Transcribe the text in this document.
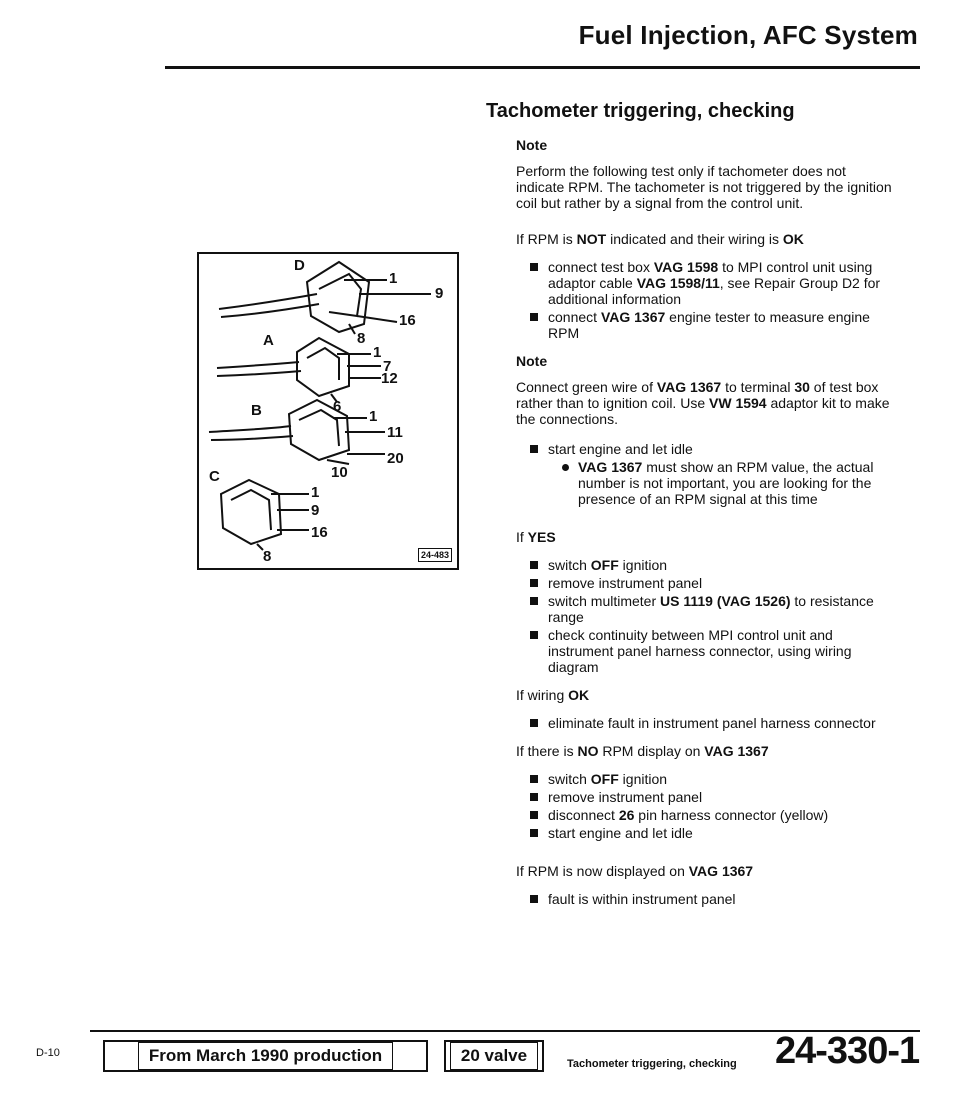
Fuel Injection, AFC System
D
1
9
8
16
A
1
7
12
6
B	1
11
20
10
C
1
9
16
8	24-483
Tachometer triggering, checking
Note
Perform the following test only if tachometer does not indicate RPM. The tachometer is not triggered by the ignition coil but rather by a signal from the control unit.
If RPM is NOT indicated and their wiring is OK
connect test box VAG 1598 to MPI control unit using adaptor cable VAG 1598/11, see Repair Group D2 for additional information
connect VAG 1367 engine tester to measure engine RPM
Note
Connect green wire of VAG 1367 to terminal 30 of test box rather than to ignition coil. Use VW 1594 adaptor kit to make the connections.
start engine and let idle
VAG 1367 must show an RPM value, the actual number is not important, you are looking for the presence of an RPM signal at this time
If YES
switch OFF ignition
remove instrument panel
switch multimeter US 1119 (VAG 1526) to resistance range
check continuity between MPI control unit and instrument panel harness connector, using wiring diagram
If wiring OK
eliminate fault in instrument panel harness connector
If there is NO RPM display on VAG 1367
switch OFF ignition
remove instrument panel
disconnect 26 pin harness connector (yellow)
start engine and let idle
If RPM is now displayed on VAG 1367
fault is within instrument panel
D-10	From March 1990 production	20 valve	Tachometer triggering, checking 24-330-1
